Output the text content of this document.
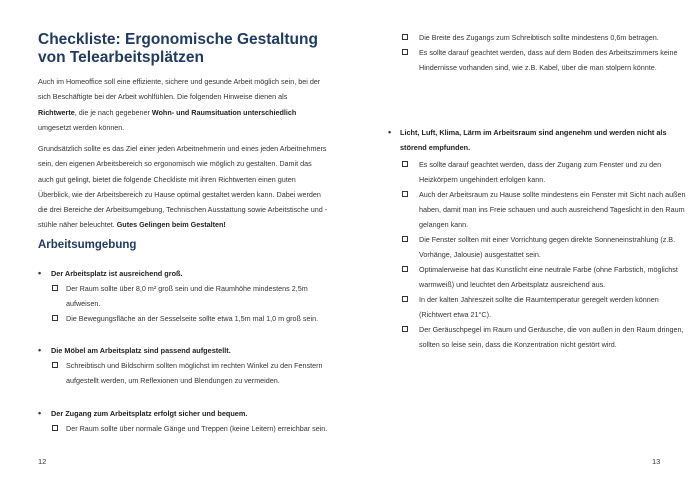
Checkliste: Ergonomische Gestaltung von Telearbeitsplätzen
Auch im Homeoffice soll eine effiziente, sichere und gesunde Arbeit möglich sein, bei der sich Beschäftigte bei der Arbeit wohlfühlen. Die folgenden Hinweise dienen als Richtwerte, die je nach gegebener Wohn- und Raumsituation unterschiedlich umgesetzt werden können.
Grundsätzlich sollte es das Ziel einer jeden Arbeitnehmerin und eines jeden Arbeitnehmers sein, den eigenen Arbeitsbereich so ergonomisch wie möglich zu gestalten. Damit das auch gut gelingt, bietet die folgende Checkliste mit ihren Richtwerten einen guten Überblick, wie der Arbeitsbereich zu Hause optimal gestaltet werden kann. Dabei werden die drei Bereiche der Arbeitsumgebung, Technischen Ausstattung sowie Arbeitstische und -stühle näher beleuchtet. Gutes Gelingen beim Gestalten!
Arbeitsumgebung
• Der Arbeitsplatz ist ausreichend groß.
Der Raum sollte über 8,0 m² groß sein und die Raumhöhe mindestens 2,5m aufweisen.
Die Bewegungsfläche an der Sesselseite sollte etwa 1,5m mal 1,0 m groß sein.
• Die Möbel am Arbeitsplatz sind passend aufgestellt.
Schreibtisch und Bildschirm sollten möglichst im rechten Winkel zu den Fenstern aufgestellt werden, um Reflexionen und Blendungen zu vermeiden.
• Der Zugang zum Arbeitsplatz erfolgt sicher und bequem.
Der Raum sollte über normale Gänge und Treppen (keine Leitern) erreichbar sein.
12
Die Breite des Zugangs zum Schreibtisch sollte mindestens 0,6m betragen.
Es sollte darauf geachtet werden, dass auf dem Boden des Arbeitszimmers keine Hindernisse vorhanden sind, wie z.B. Kabel, über die man stolpern könnte.
• Licht, Luft, Klima, Lärm im Arbeitsraum sind angenehm und werden nicht als störend empfunden.
Es sollte darauf geachtet werden, dass der Zugang zum Fenster und zu den Heizkörpern ungehindert erfolgen kann.
Auch der Arbeitsraum zu Hause sollte mindestens ein Fenster mit Sicht nach außen haben, damit man ins Freie schauen und auch ausreichend Tageslicht in den Raum gelangen kann.
Die Fenster sollten mit einer Vorrichtung gegen direkte Sonneneinstrahlung (z.B. Vorhänge, Jalousie) ausgestattet sein.
Optimalerweise hat das Kunstlicht eine neutrale Farbe (ohne Farbstich, möglichst warmweiß) und leuchtet den Arbeitsplatz ausreichend aus.
In der kalten Jahreszeit sollte die Raumtemperatur geregelt werden können (Richtwert etwa 21°C).
Der Geräuschpegel im Raum und Geräusche, die von außen in den Raum dringen, sollten so leise sein, dass die Konzentration nicht gestört wird.
13
